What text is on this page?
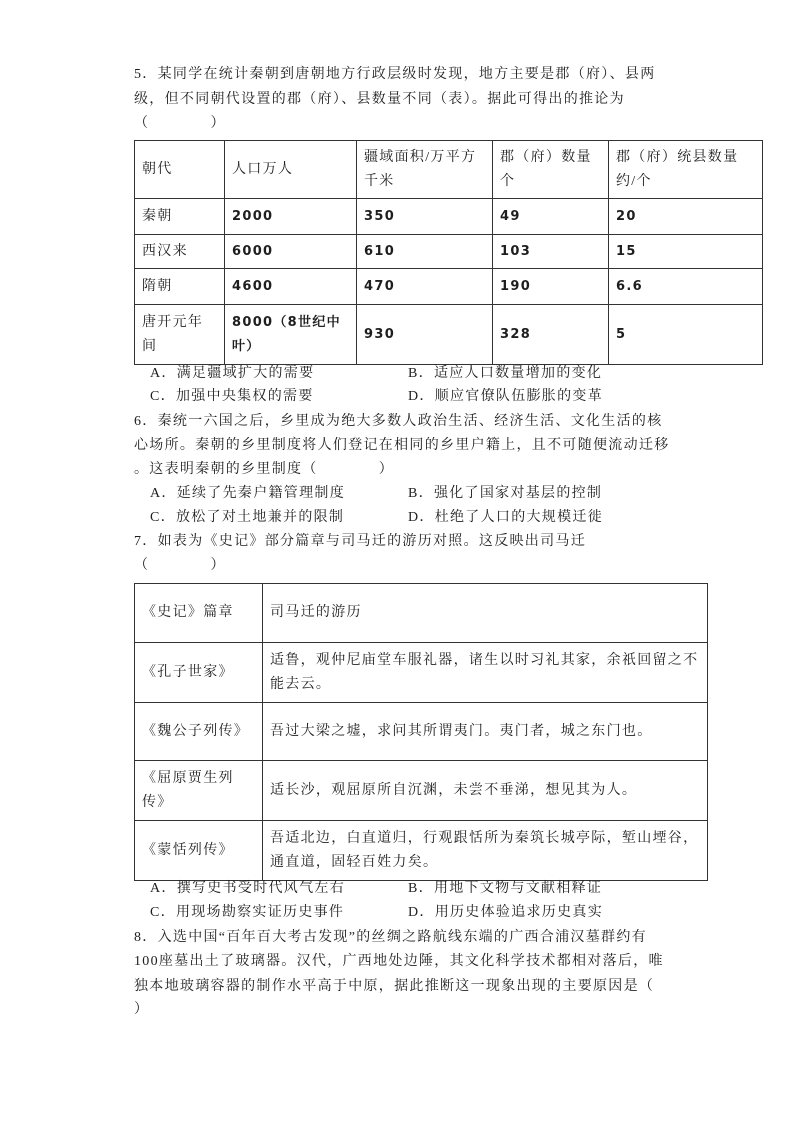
5．某同学在统计秦朝到唐朝地方行政层级时发现，地方主要是郡（府）、县两
级，但不同朝代设置的郡（府）、县数量不同（表）。据此可得出的推论为
（　　　　）
朝代	人口万人	疆域面积/万平方千米	郡（府）数量个	郡（府）统县数量约/个
秦朝	2000	350	49	20
西汉来	6000	610	103	15
隋朝	4600	470	190	6.6
唐开元年间	8000（8世纪中叶）	930	328	5
A．满足疆域扩大的需要	B．适应人口数量增加的变化
C．加强中央集权的需要	D．顺应官僚队伍膨胀的变革
6．秦统一六国之后，乡里成为绝大多数人政治生活、经济生活、文化生活的核
心场所。秦朝的乡里制度将人们登记在相同的乡里户籍上，且不可随便流动迁移
。这表明秦朝的乡里制度（　　　　）
A．延续了先秦户籍管理制度	B．强化了国家对基层的控制
C．放松了对土地兼并的限制	D．杜绝了人口的大规模迁徙
7．如表为《史记》部分篇章与司马迁的游历对照。这反映出司马迁
（　　　　）
《史记》篇章	司马迁的游历
《孔子世家》	适鲁，观仲尼庙堂车服礼器，诸生以时习礼其家，余祇回留之不能去云。
《魏公子列传》	吾过大梁之墟，求问其所谓夷门。夷门者，城之东门也。
《屈原贾生列传》	适长沙，观屈原所自沉渊，未尝不垂涕，想见其为人。
《蒙恬列传》	吾适北边，白直道归，行观跟恬所为秦筑长城亭际，堑山堙谷，通直道，固轻百姓力矣。
A．撰写史书受时代风气左右	B．用地下文物与文献相释证
C．用现场勘察实证历史事件	D．用历史体验追求历史真实
8．入选中国“百年百大考古发现”的丝绸之路航线东端的广西合浦汉墓群约有
100座墓出土了玻璃器。汉代，广西地处边陲，其文化科学技术都相对落后，唯
独本地玻璃容器的制作水平高于中原，据此推断这一现象出现的主要原因是（
）
